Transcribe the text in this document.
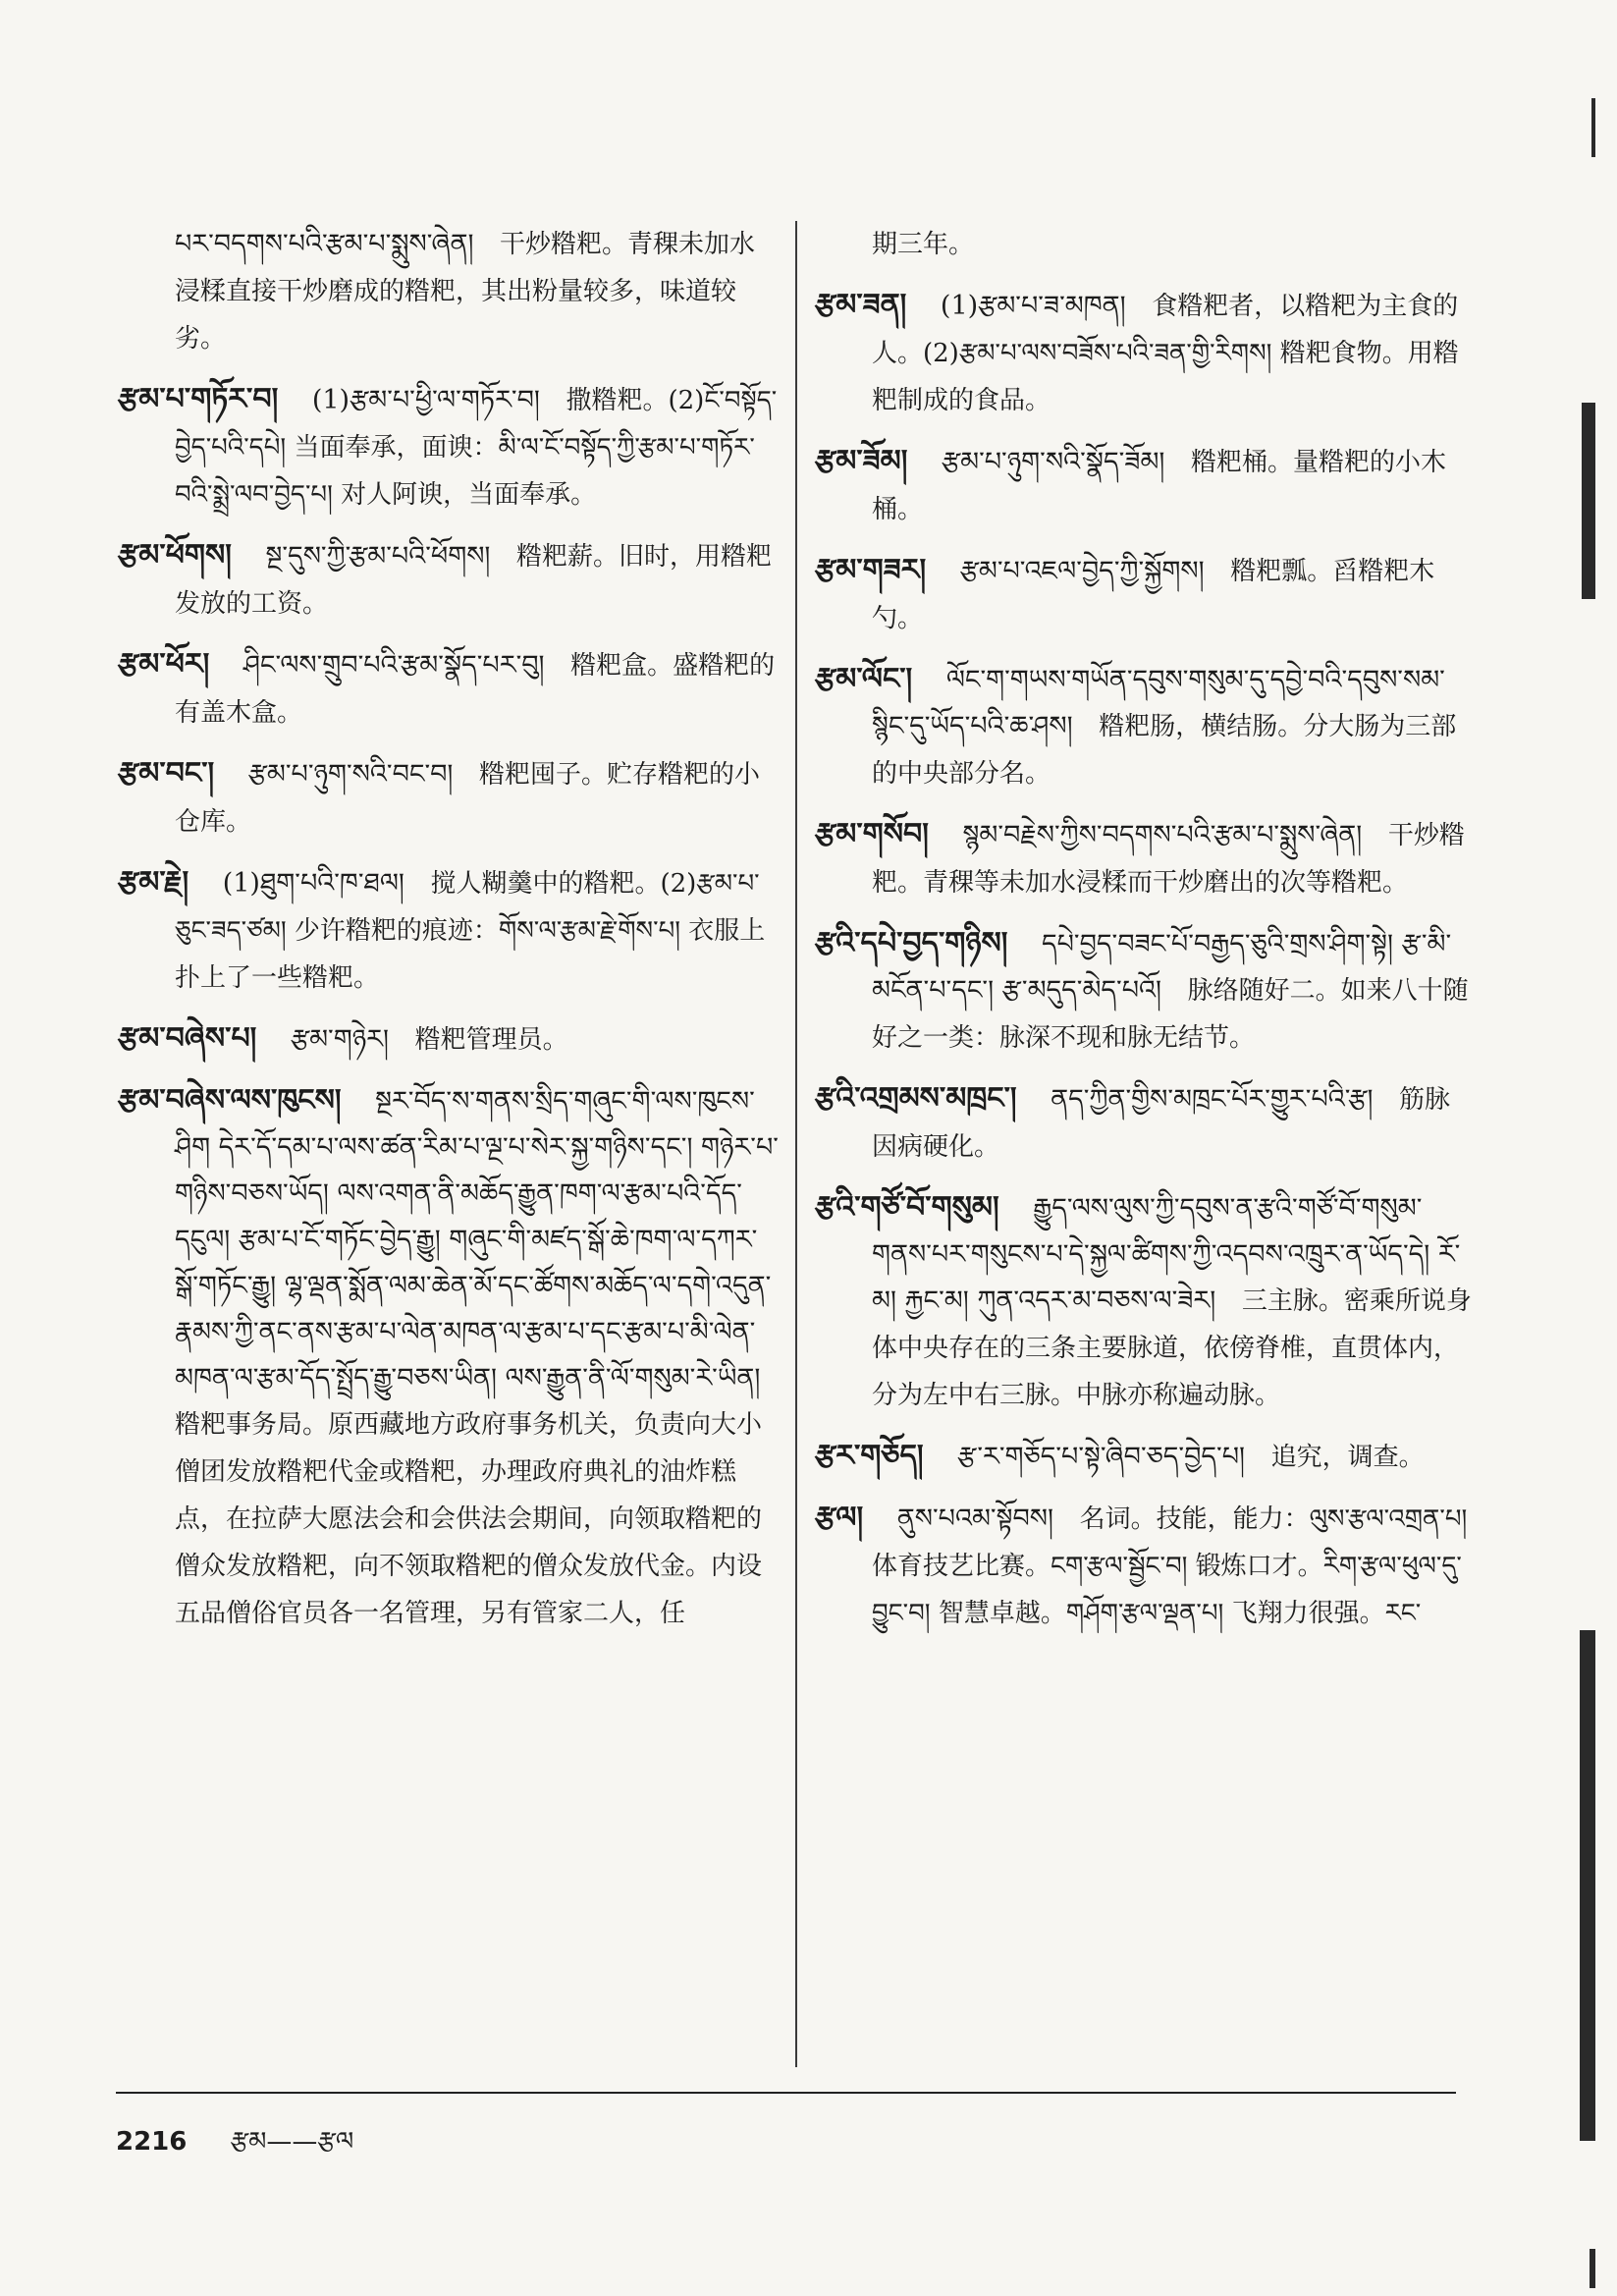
པར་བདགས་པའི་རྩམ་པ་སྨུས་ཞེན། 干炒糌粑。青稞未加水浸糅直接干炒磨成的糌粑，其出粉量较多，味道较劣。

རྩམ་པ་གཏོར་བ། (1)རྩམ་པ་ཕྱི་ལ་གཏོར་བ། 撒糌粑。(2)ངོ་བསྟོད་བྱེད་པའི་དཔེ། 当面奉承，面谀：མི་ལ་ངོ་བསྟོད་ཀྱི་རྩམ་པ་གཏོར་བའི་སྨྲེ་ལབ་བྱེད་པ། 对人阿谀，当面奉承。

རྩམ་ཕོགས། སྔ་དུས་ཀྱི་རྩམ་པའི་ཕོགས། 糌粑薪。旧时，用糌粑发放的工资。

རྩམ་ཕོར། ཤིང་ལས་གྲུབ་པའི་རྩམ་སྣོད་པར་བུ། 糌粑盒。盛糌粑的有盖木盒。

རྩམ་བང་། རྩམ་པ་ཉུག་སའི་བང་བ། 糌粑囤子。贮存糌粑的小仓库。

རྩམ་རྗེ། (1)ཐུག་པའི་ཁ་ཐལ། 搅人糊羹中的糌粑。(2)རྩམ་པ་ཅུང་ཟད་ཙམ། 少许糌粑的痕迹：གོས་ལ་རྩམ་རྗེ་གོས་པ། 衣服上扑上了一些糌粑。

རྩམ་བཞེས་པ། རྩམ་གཉེར། 糌粑管理员。

རྩམ་བཞེས་ལས་ཁུངས། སྔར་བོད་ས་གནས་སྲིད་གཞུང་གི་ལས་ཁུངས་ཤིག དེར་དོ་དམ་པ་ལས་ཚན་རིམ་པ་ལྔ་པ་སེར་སྐྱ་གཉིས་དང་། གཉེར་པ་གཉིས་བཅས་ཡོད། ལས་འགན་ནི་མཆོད་རྒྱུན་ཁག་ལ་རྩམ་པའི་དོད་དངུལ། རྩམ་པ་ངོ་གཏོང་བྱེད་རྒྱུ། གཞུང་གི་མཛད་སྒོ་ཆེ་ཁག་ལ་དཀར་སྒོ་གཏོང་རྒྱུ། ལྷ་ལྡན་སྨོན་ལམ་ཆེན་མོ་དང་ཚོགས་མཆོད་ལ་དགེ་འདུན་རྣམས་ཀྱི་ནང་ནས་རྩམ་པ་ལེན་མཁན་ལ་རྩམ་པ་དང་རྩམ་པ་མི་ལེན་མཁན་ལ་རྩམ་དོད་སྤྲོད་རྒྱུ་བཅས་ཡིན། ལས་རྒྱུན་ནི་ལོ་གསུམ་རེ་ཡིན། 糌粑事务局。原西藏地方政府事务机关，负责向大小僧团发放糌粑代金或糌粑，办理政府典礼的油炸糕点，在拉萨大愿法会和会供法会期间，向领取糌粑的僧众发放糌粑，向不领取糌粑的僧众发放代金。内设五品僧俗官员各一名管理，另有管家二人，任

期三年。

རྩམ་ཟན། (1)རྩམ་པ་ཟ་མཁན། 食糌粑者，以糌粑为主食的人。(2)རྩམ་པ་ལས་བཟོས་པའི་ཟན་གྱི་རིགས། 糌粑食物。用糌粑制成的食品。

རྩམ་ཟོམ། རྩམ་པ་ཉུག་སའི་སྣོད་ཟོམ། 糌粑桶。量糌粑的小木桶。

རྩམ་གཟར། རྩམ་པ་འཇལ་བྱེད་ཀྱི་སྐྱོགས། 糌粑瓢。舀糌粑木勺。

རྩམ་ལོང་། ལོང་ག་གཡས་གཡོན་དབུས་གསུམ་དུ་དབྱེ་བའི་དབུས་སམ་སྙིང་དུ་ཡོད་པའི་ཆ་ཤས། 糌粑肠，横结肠。分大肠为三部的中央部分名。

རྩམ་གསོབ། སྙམ་བརྗེས་ཀྱིས་བདགས་པའི་རྩམ་པ་སྨུས་ཞེན། 干炒糌粑。青稞等未加水浸糅而干炒磨出的次等糌粑。

རྩའི་དཔེ་བྱད་གཉིས། དཔེ་བྱད་བཟང་པོ་བརྒྱད་ཅུའི་གྲས་ཤིག་སྟེ། རྩ་མི་མངོན་པ་དང་། རྩ་མདུད་མེད་པའོ། 脉络随好二。如来八十随好之一类：脉深不现和脉无结节。

རྩའི་འགྲམས་མཁྲང་། ནད་ཀྱིན་གྱིས་མཁྲང་པོར་གྱུར་པའི་རྩ། 筋脉因病硬化。

རྩའི་གཙོ་བོ་གསུམ། རྒྱུད་ལས་ལུས་ཀྱི་དབུས་ན་རྩའི་གཙོ་བོ་གསུམ་གནས་པར་གསུངས་པ་དེ་སྐྱལ་ཚིགས་ཀྱི་འདབས་འཁྲུར་ན་ཡོད་དེ། རོ་མ། རྐྱང་མ། ཀུན་འདར་མ་བཅས་ལ་ཟེར། 三主脉。密乘所说身体中央存在的三条主要脉道，依傍脊椎，直贯体内，分为左中右三脉。中脉亦称遍动脉。

རྩར་གཅོད། རྩ་ར་གཅོད་པ་སྟེ་ཞིབ་ཅད་བྱེད་པ། 追究，调查。

རྩལ། ནུས་པའམ་སྟོབས། 名词。技能，能力：ལུས་རྩལ་འགྲན་པ། 体育技艺比赛。ངག་རྩལ་སྦྱོང་བ། 锻炼口才。རིག་རྩལ་ཕུལ་དུ་བྱུང་བ། 智慧卓越。གཤོག་རྩལ་ལྡན་པ། 飞翔力很强。རང་

2216 རྩམ——རྩལ
